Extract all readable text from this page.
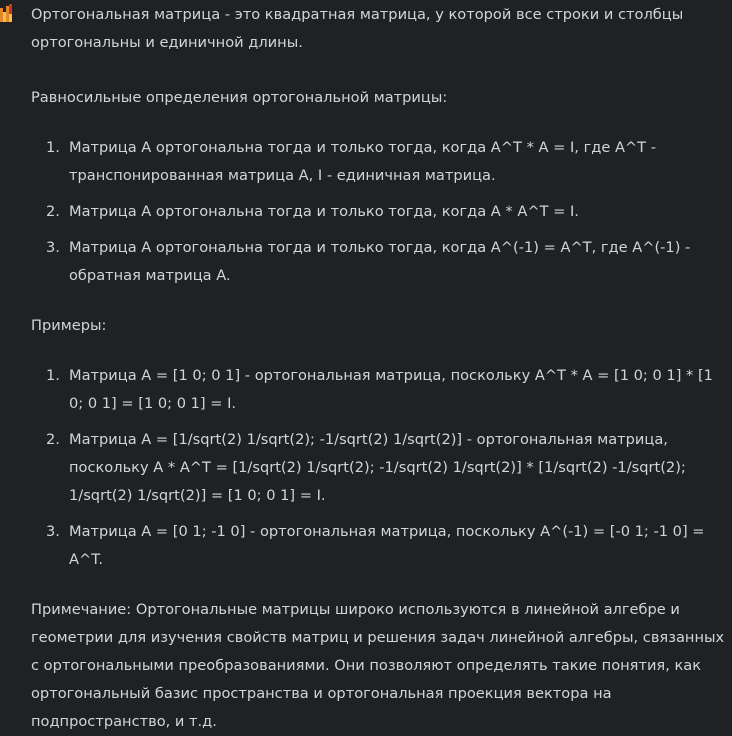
Ортогональная матрица - это квадратная матрица, у которой все строки и столбцы ортогональны и единичной длины.

Равносильные определения ортогональной матрицы:

1. Матрица A ортогональна тогда и только тогда, когда A^T * A = I, где A^T - транспонированная матрица A, I - единичная матрица.
2. Матрица A ортогональна тогда и только тогда, когда A * A^T = I.
3. Матрица A ортогональна тогда и только тогда, когда A^(-1) = A^T, где A^(-1) - обратная матрица A.

Примеры:

1. Матрица A = [1 0; 0 1] - ортогональная матрица, поскольку A^T * A = [1 0; 0 1] * [1 0; 0 1] = [1 0; 0 1] = I.
2. Матрица A = [1/sqrt(2) 1/sqrt(2); -1/sqrt(2) 1/sqrt(2)] - ортогональная матрица, поскольку A * A^T = [1/sqrt(2) 1/sqrt(2); -1/sqrt(2) 1/sqrt(2)] * [1/sqrt(2) -1/sqrt(2); 1/sqrt(2) 1/sqrt(2)] = [1 0; 0 1] = I.
3. Матрица A = [0 1; -1 0] - ортогональная матрица, поскольку A^(-1) = [-0 1; -1 0] = A^T.

Примечание: Ортогональные матрицы широко используются в линейной алгебре и геометрии для изучения свойств матриц и решения задач линейной алгебры, связанных с ортогональными преобразованиями. Они позволяют определять такие понятия, как ортогональный базис пространства и ортогональная проекция вектора на подпространство, и т.д.
